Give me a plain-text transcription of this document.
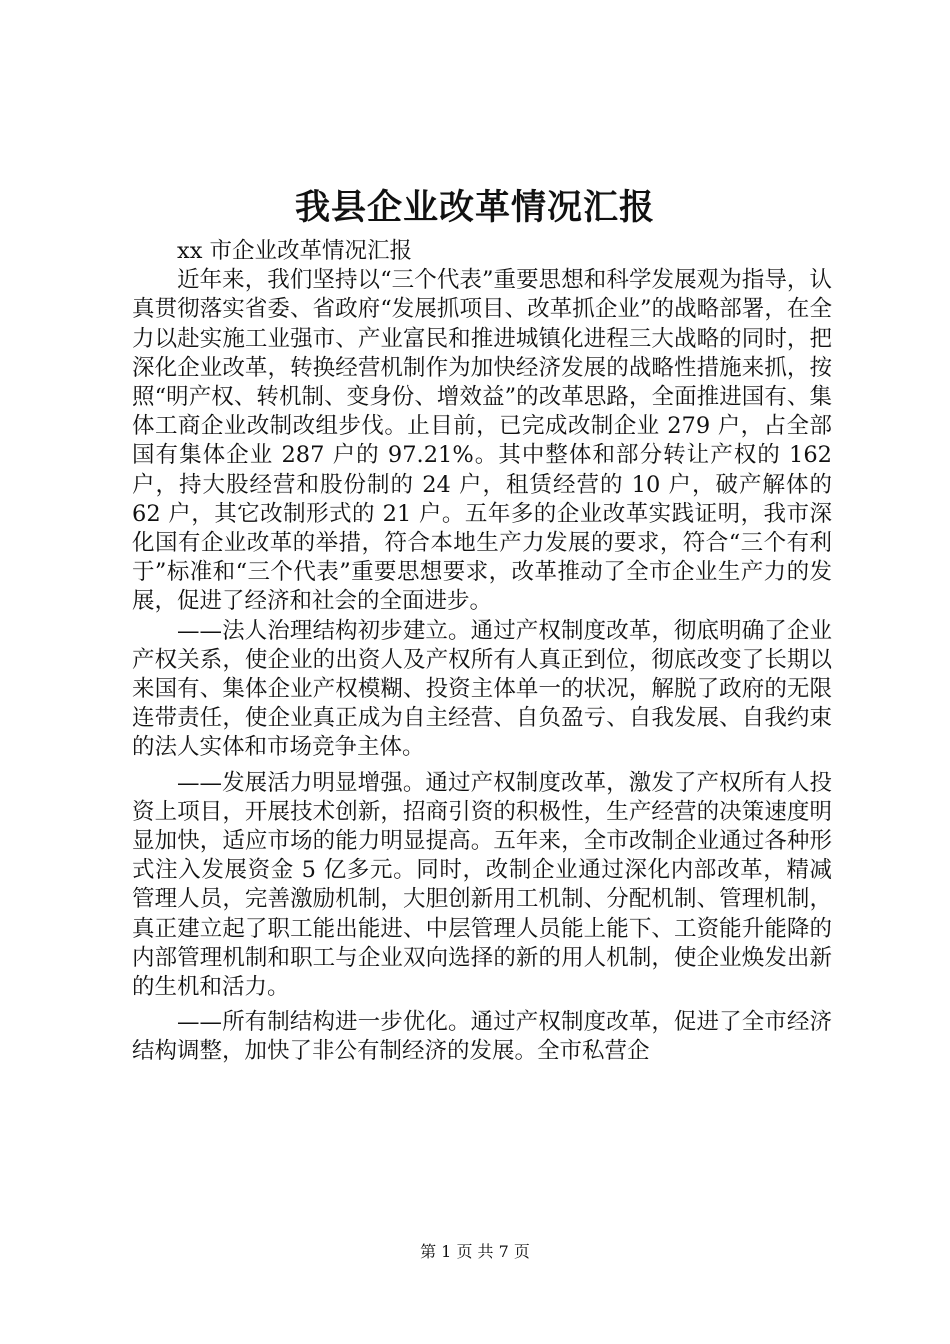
我县企业改革情况汇报

xx 市企业改革情况汇报

近年来，我们坚持以“三个代表”重要思想和科学发展观为指导，认真贯彻落实省委、省政府“发展抓项目、改革抓企业”的战略部署，在全力以赴实施工业强市、产业富民和推进城镇化进程三大战略的同时，把深化企业改革，转换经营机制作为加快经济发展的战略性措施来抓，按照“明产权、转机制、变身份、增效益”的改革思路，全面推进国有、集体工商企业改制改组步伐。止目前，已完成改制企业 279 户，占全部国有集体企业 287 户的 97.21%。其中整体和部分转让产权的 162 户，持大股经营和股份制的 24 户，租赁经营的 10 户，破产解体的 62 户，其它改制形式的 21 户。五年多的企业改革实践证明，我市深化国有企业改革的举措，符合本地生产力发展的要求，符合“三个有利于”标准和“三个代表”重要思想要求，改革推动了全市企业生产力的发展，促进了经济和社会的全面进步。

——法人治理结构初步建立。通过产权制度改革，彻底明确了企业产权关系，使企业的出资人及产权所有人真正到位，彻底改变了长期以来国有、集体企业产权模糊、投资主体单一的状况，解脱了政府的无限连带责任，使企业真正成为自主经营、自负盈亏、自我发展、自我约束的法人实体和市场竞争主体。

——发展活力明显增强。通过产权制度改革，激发了产权所有人投资上项目，开展技术创新，招商引资的积极性，生产经营的决策速度明显加快，适应市场的能力明显提高。五年来，全市改制企业通过各种形式注入发展资金 5 亿多元。同时，改制企业通过深化内部改革，精减管理人员，完善激励机制，大胆创新用工机制、分配机制、管理机制，真正建立起了职工能出能进、中层管理人员能上能下、工资能升能降的内部管理机制和职工与企业双向选择的新的用人机制，使企业焕发出新的生机和活力。

——所有制结构进一步优化。通过产权制度改革，促进了全市经济结构调整，加快了非公有制经济的发展。全市私营企

第 1 页 共 7 页
